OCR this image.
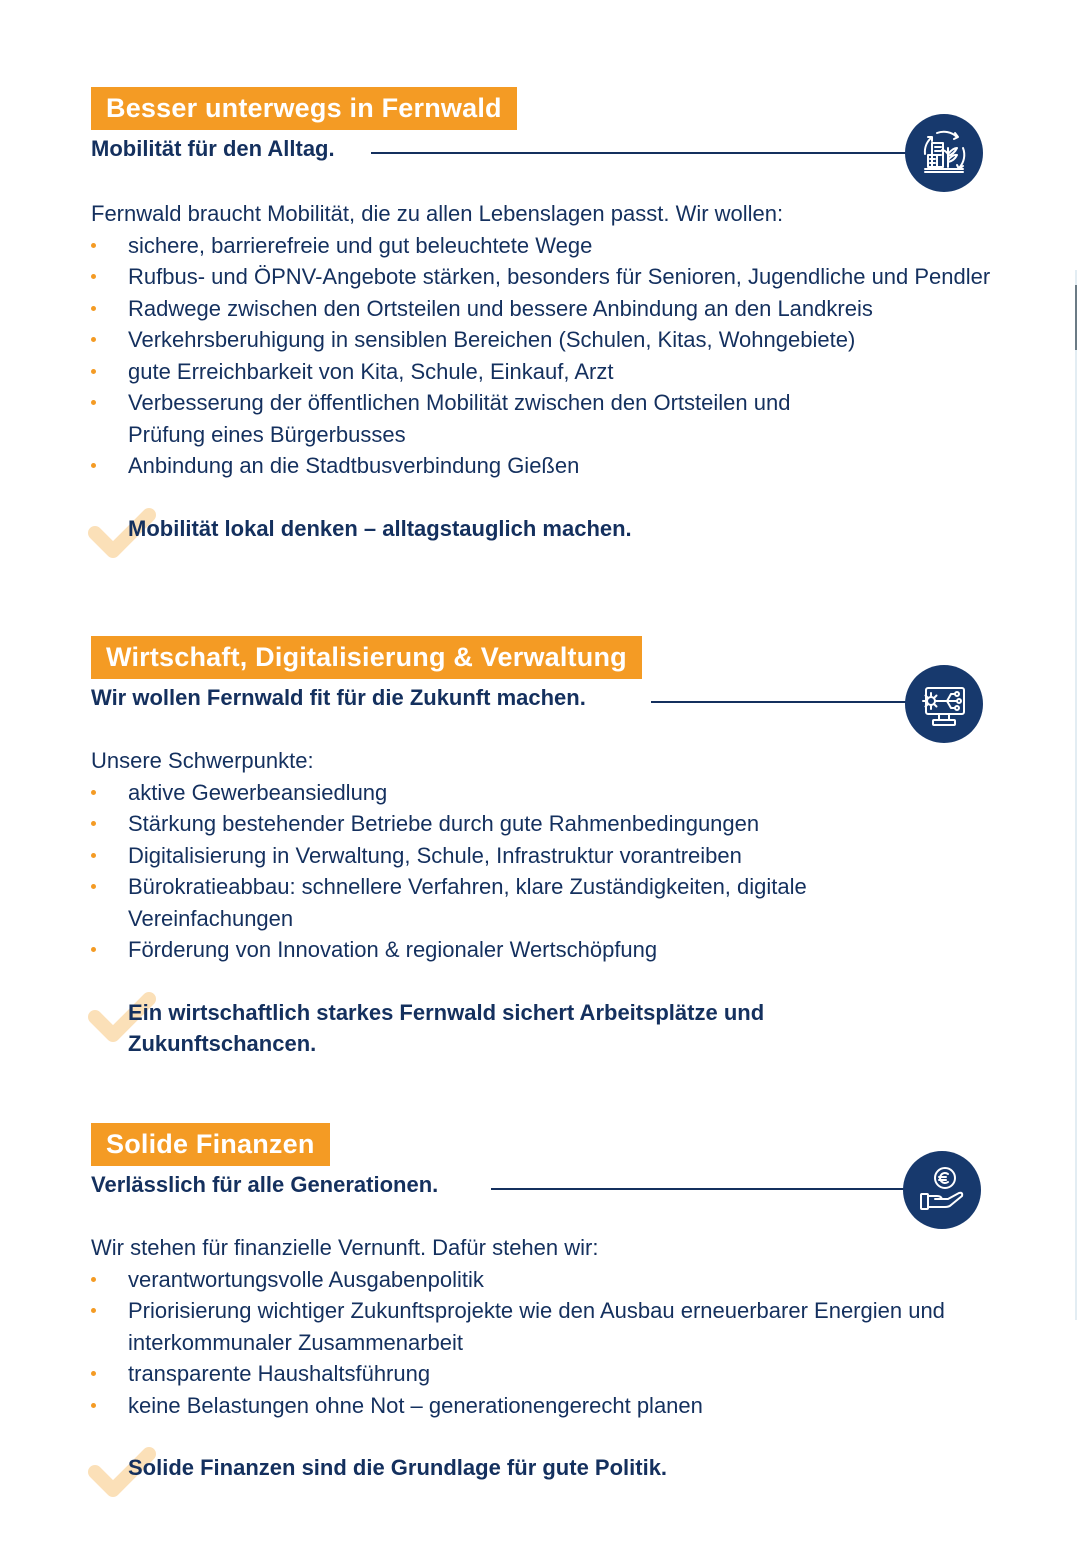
Besser unterwegs in Fernwald
Mobilität für den Alltag.

Fernwald braucht Mobilität, die zu allen Lebenslagen passt. Wir wollen:

sichere, barrierefreie und gut beleuchtete Wege
Rufbus- und ÖPNV-Angebote stärken, besonders für Senioren, Jugendliche und Pendler
Radwege zwischen den Ortsteilen und bessere Anbindung an den Landkreis
Verkehrsberuhigung in sensiblen Bereichen (Schulen, Kitas, Wohngebiete)
gute Erreichbarkeit von Kita, Schule, Einkauf, Arzt
Verbesserung der öffentlichen Mobilität zwischen den Ortsteilen und Prüfung eines Bürgerbusses
Anbindung an die Stadtbusverbindung Gießen
Mobilität lokal denken – alltagstauglich machen.
Wirtschaft, Digitalisierung & Verwaltung
Wir wollen Fernwald fit für die Zukunft machen.

Unsere Schwerpunkte:

aktive Gewerbeansiedlung
Stärkung bestehender Betriebe durch gute Rahmenbedingungen
Digitalisierung in Verwaltung, Schule, Infrastruktur vorantreiben
Bürokratieabbau: schnellere Verfahren, klare Zuständigkeiten, digitale Vereinfachungen
Förderung von Innovation & regionaler Wertschöpfung
Ein wirtschaftlich starkes Fernwald sichert Arbeitsplätze und Zukunftschancen.
Solide Finanzen
Verlässlich für alle Generationen.

Wir stehen für finanzielle Vernunft. Dafür stehen wir:

verantwortungsvolle Ausgabenpolitik
Priorisierung wichtiger Zukunftsprojekte wie den Ausbau erneuerbarer Energien und interkommunaler Zusammenarbeit
transparente Haushaltsführung
keine Belastungen ohne Not – generationengerecht planen
Solide Finanzen sind die Grundlage für gute Politik.
